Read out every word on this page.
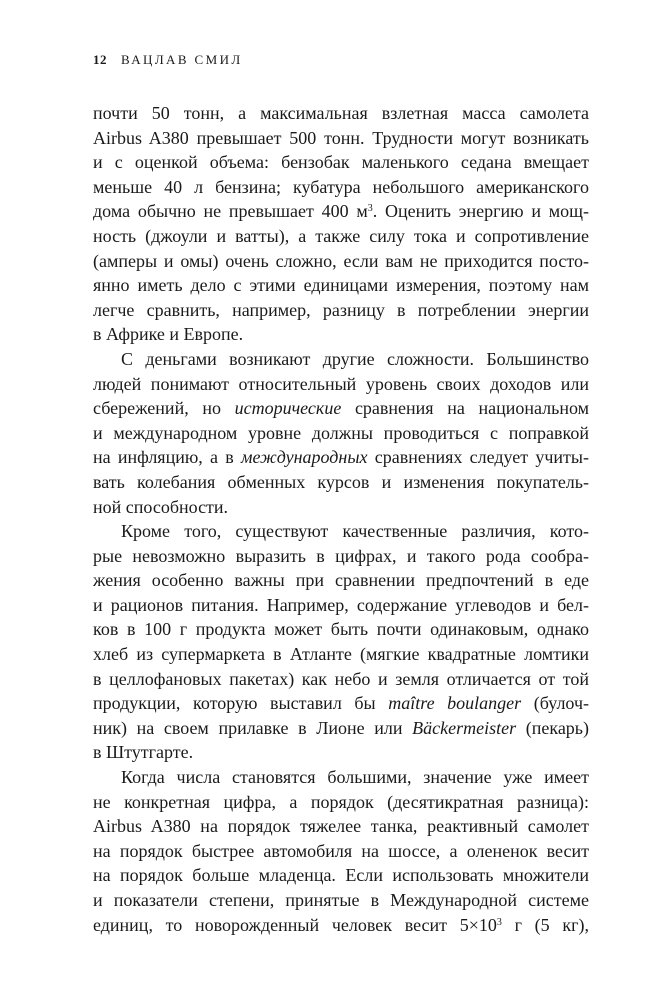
12 ВАЦЛАВ СМИЛ
почти 50 тонн, а максимальная взлетная масса самолета
Airbus A380 превышает 500 тонн. Трудности могут возникать
и с оценкой объема: бензобак маленького седана вмещает
меньше 40 л бензина; кубатура небольшого американского
дома обычно не превышает 400 $м^3$. Оценить энергию и мощ-
ность (джоули и ватты), а также силу тока и сопротивление
(амперы и омы) очень сложно, если вам не приходится посто-
янно иметь дело с этими единицами измерения, поэтому нам
легче сравнить, например, разницу в потреблении энергии
в Африке и Европе.
С деньгами возникают другие сложности. Большинство
людей понимают относительный уровень своих доходов или
сбережений, но исторические сравнения на национальном
и международном уровне должны проводиться с поправкой
на инфляцию, а в международных сравнениях следует учиты-
вать колебания обменных курсов и изменения покупатель-
ной способности.
Кроме того, существуют качественные различия, кото-
рые невозможно выразить в цифрах, и такого рода сообра-
жения особенно важны при сравнении предпочтений в еде
и рационов питания. Например, содержание углеводов и бел-
ков в 100 г продукта может быть почти одинаковым, однако
хлеб из супермаркета в Атланте (мягкие квадратные ломтики
в целлофановых пакетах) как небо и земля отличается от той
продукции, которую выставил бы maître boulanger (булоч-
ник) на своем прилавке в Лионе или Bäckermeister (пекарь)
в Штутгарте.
Когда числа становятся большими, значение уже имеет
не конкретная цифра, а порядок (десятикратная разница):
Airbus A380 на порядок тяжелее танка, реактивный самолет
на порядок быстрее автомобиля на шоссе, а олененок весит
на порядок больше младенца. Если использовать множители
и показатели степени, принятые в Международной системе
единиц, то новорожденный человек весит $5\times 10^3$ г (5 кг),
